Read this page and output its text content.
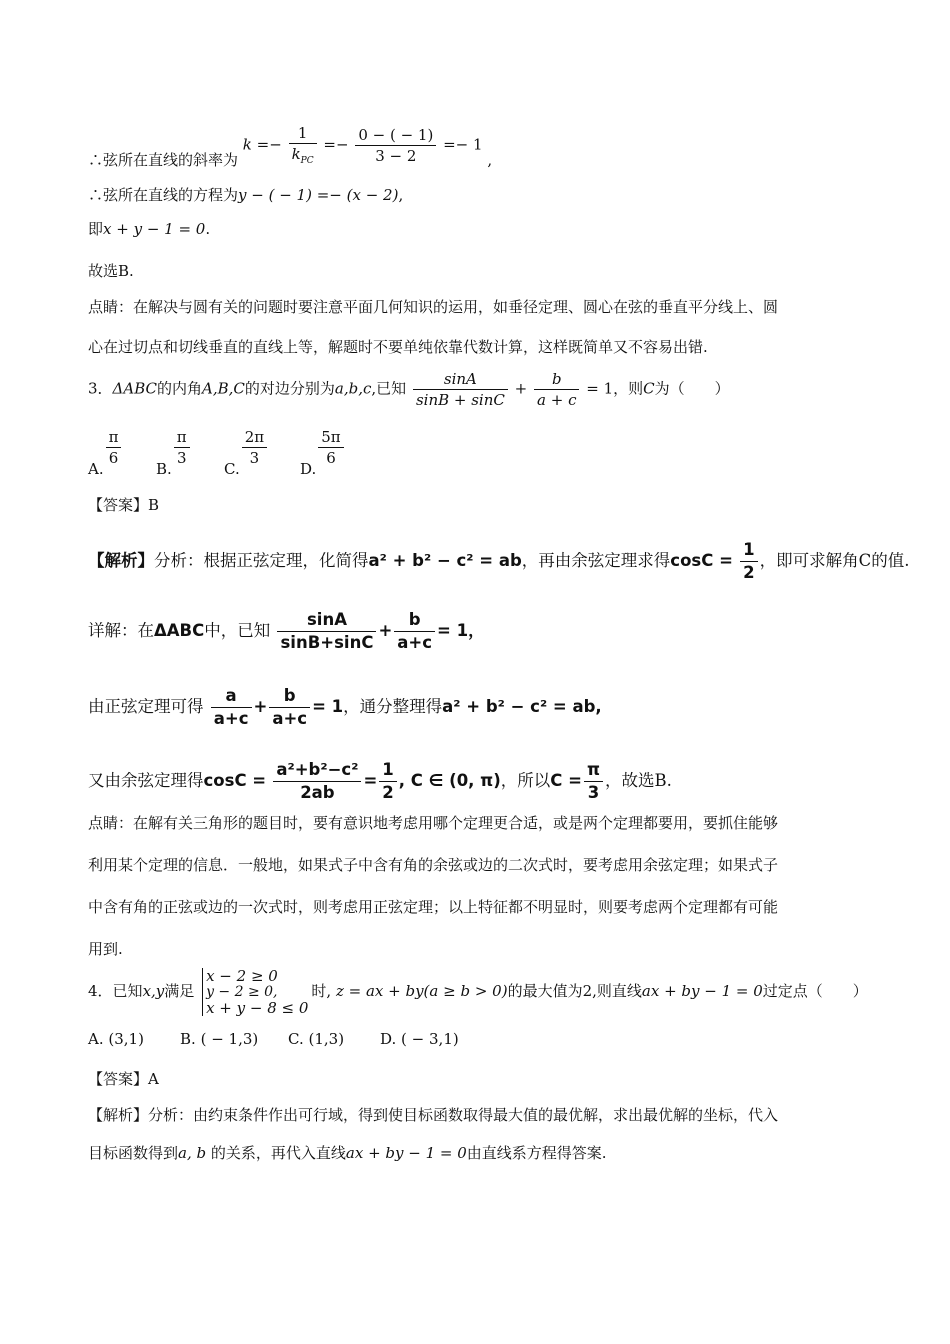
∴弦所在直线的斜率为 $k =- \frac{1}{k_{PC}} =- \frac{0 - ( - 1)}{3 - 2} =- 1$ ,
∴弦所在直线的方程为y − ( − 1) =− (x − 2),
即x + y − 1 = 0.
故选B.
点睛：在解决与圆有关的问题时要注意平面几何知识的运用，如垂径定理、圆心在弦的垂直平分线上、圆
心在过切点和切线垂直的直线上等，解题时不要单纯依靠代数计算，这样既简单又不容易出错.
3．ΔABC的内角A,B,C的对边分别为a,b,c,已知 $\frac{\sin A}{\sin B + \sin C} + \frac{b}{a + c} = 1$，则C为（　　）
A.
$\frac{\pi}{6}$
B.
$\frac{\pi}{3}$
C.
$\frac{2\pi}{3}$
D.
$\frac{5\pi}{6}$
【答案】B
【解析】分析：根据正弦定理，化简得a² + b² − c² = ab，再由余弦定理求得$\cos C = \frac{1}{2}$ ，即可求解角C的值.
详解：在ΔABC中，已知 $\frac{\sin A}{\sin B+\sin C} + \frac{b}{a+c} = 1$，
由正弦定理可得 $\frac{a}{a+c} + \frac{b}{a+c} = 1$，通分整理得a² + b² − c² = ab,
又由余弦定理得$\cos C = \frac{\text{a²+b²−c²}}{2ab} = \frac{1}{2}$ , C ∈ (0, π)，所以$C = \frac{\pi}{3}$ ，故选B.
点睛：在解有关三角形的题目时，要有意识地考虑用哪个定理更合适，或是两个定理都要用，要抓住能够
利用某个定理的信息．一般地，如果式子中含有角的余弦或边的二次式时，要考虑用余弦定理；如果式子
中含有角的正弦或边的一次式时，则考虑用正弦定理；以上特征都不明显时，则要考虑两个定理都有可能
用到.
4．已知x,y满足
x − 2 ≥ 0
y − 2 ≥ 0,
x + y − 8 ≤ 0
时, z = ax + by(a ≥ b > 0)的最大值为2,则直线ax + by − 1 = 0过定点（　　）
A. (3,1) B. ( − 1,3) C. (1,3) D. ( − 3,1)
【答案】A
【解析】分析：由约束条件作出可行域，得到使目标函数取得最大值的最优解，求出最优解的坐标，代入
目标函数得到a, b 的关系，再代入直线ax + by − 1 = 0由直线系方程得答案.
